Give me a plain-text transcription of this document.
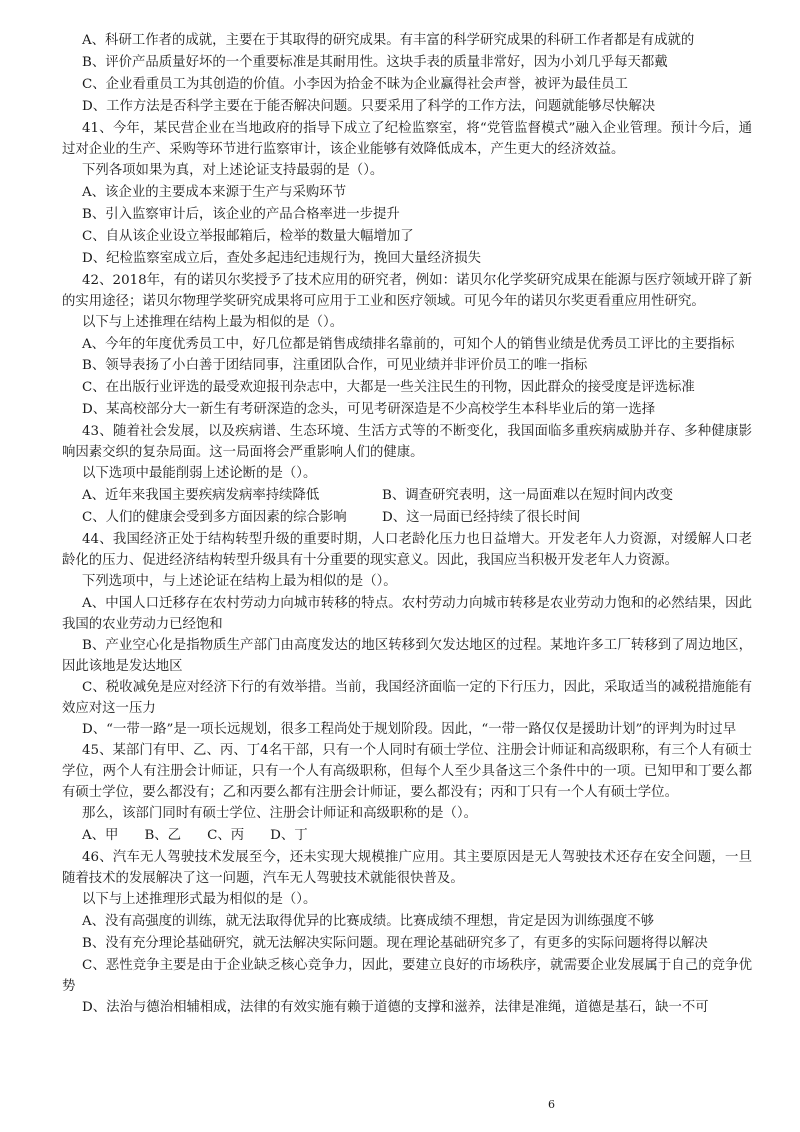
A、科研工作者的成就，主要在于其取得的研究成果。有丰富的科学研究成果的科研工作者都是有成就的
B、评价产品质量好坏的一个重要标准是其耐用性。这块手表的质量非常好，因为小刘几乎每天都戴
C、企业看重员工为其创造的价值。小李因为拾金不昧为企业赢得社会声誉，被评为最佳员工
D、工作方法是否科学主要在于能否解决问题。只要采用了科学的工作方法，问题就能够尽快解决
41、今年，某民营企业在当地政府的指导下成立了纪检监察室，将“党管监督模式”融入企业管理。预计今后，通过对企业的生产、采购等环节进行监察审计，该企业能够有效降低成本，产生更大的经济效益。
下列各项如果为真，对上述论证支持最弱的是（）。
A、该企业的主要成本来源于生产与采购环节
B、引入监察审计后，该企业的产品合格率进一步提升
C、自从该企业设立举报邮箱后，检举的数量大幅增加了
D、纪检监察室成立后，查处多起违纪违规行为，挽回大量经济损失
42、2018年，有的诺贝尔奖授予了技术应用的研究者，例如：诺贝尔化学奖研究成果在能源与医疗领域开辟了新的实用途径；诺贝尔物理学奖研究成果将可应用于工业和医疗领域。可见今年的诺贝尔奖更看重应用性研究。
以下与上述推理在结构上最为相似的是（）。
A、今年的年度优秀员工中，好几位都是销售成绩排名靠前的，可知个人的销售业绩是优秀员工评比的主要指标
B、领导表扬了小白善于团结同事，注重团队合作，可见业绩并非评价员工的唯一指标
C、在出版行业评选的最受欢迎报刊杂志中，大都是一些关注民生的刊物，因此群众的接受度是评选标准
D、某高校部分大一新生有考研深造的念头，可见考研深造是不少高校学生本科毕业后的第一选择
43、随着社会发展，以及疾病谱、生态环境、生活方式等的不断变化，我国面临多重疾病威胁并存、多种健康影响因素交织的复杂局面。这一局面将会严重影响人们的健康。
以下选项中最能削弱上述论断的是（）。
A、近年来我国主要疾病发病率持续降低	B、调查研究表明，这一局面难以在短时间内改变
C、人们的健康会受到多方面因素的综合影响	D、这一局面已经持续了很长时间
44、我国经济正处于结构转型升级的重要时期，人口老龄化压力也日益增大。开发老年人力资源，对缓解人口老龄化的压力、促进经济结构转型升级具有十分重要的现实意义。因此，我国应当积极开发老年人力资源。
下列选项中，与上述论证在结构上最为相似的是（）。
A、中国人口迁移存在农村劳动力向城市转移的特点。农村劳动力向城市转移是农业劳动力饱和的必然结果，因此我国的农业劳动力已经饱和
B、产业空心化是指物质生产部门由高度发达的地区转移到欠发达地区的过程。某地许多工厂转移到了周边地区，因此该地是发达地区
C、税收减免是应对经济下行的有效举措。当前，我国经济面临一定的下行压力，因此，采取适当的减税措施能有效应对这一压力
D、“一带一路”是一项长远规划，很多工程尚处于规划阶段。因此，“一带一路仅仅是援助计划”的评判为时过早
45、某部门有甲、乙、丙、丁4名干部，只有一个人同时有硕士学位、注册会计师证和高级职称，有三个人有硕士学位，两个人有注册会计师证，只有一个人有高级职称，但每个人至少具备这三个条件中的一项。已知甲和丁要么都有硕士学位，要么都没有；乙和丙要么都有注册会计师证，要么都没有；丙和丁只有一个人有硕士学位。
那么，该部门同时有硕士学位、注册会计师证和高级职称的是（）。
A、甲 B、乙 C、丙 D、丁
46、汽车无人驾驶技术发展至今，还未实现大规模推广应用。其主要原因是无人驾驶技术还存在安全问题，一旦随着技术的发展解决了这一问题，汽车无人驾驶技术就能很快普及。
以下与上述推理形式最为相似的是（）。
A、没有高强度的训练，就无法取得优异的比赛成绩。比赛成绩不理想，肯定是因为训练强度不够
B、没有充分理论基础研究，就无法解决实际问题。现在理论基础研究多了，有更多的实际问题将得以解决
C、恶性竞争主要是由于企业缺乏核心竞争力，因此，要建立良好的市场秩序，就需要企业发展属于自己的竞争优势
D、法治与德治相辅相成，法律的有效实施有赖于道德的支撑和滋养，法律是准绳，道德是基石，缺一不可
6
